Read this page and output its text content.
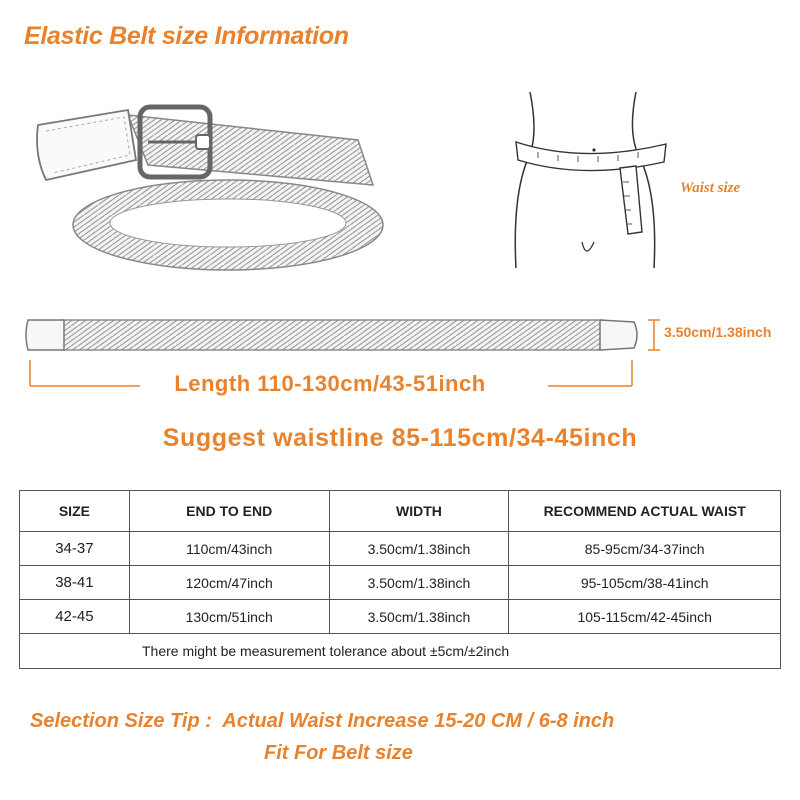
Elastic Belt size Information
Waist size
3.50cm/1.38inch
Length 110-130cm/43-51inch
Suggest waistline 85-115cm/34-45inch
SIZE	END TO END	WIDTH	RECOMMEND ACTUAL WAIST
34-37	110cm/43inch	3.50cm/1.38inch	85-95cm/34-37inch
38-41	120cm/47inch	3.50cm/1.38inch	95-105cm/38-41inch
42-45	130cm/51inch	3.50cm/1.38inch	105-115cm/42-45inch
There might be measurement tolerance about ±5cm/±2inch			
Selection Size Tip :  Actual Waist Increase 15-20 CM / 6-8 inch
Fit For Belt size
